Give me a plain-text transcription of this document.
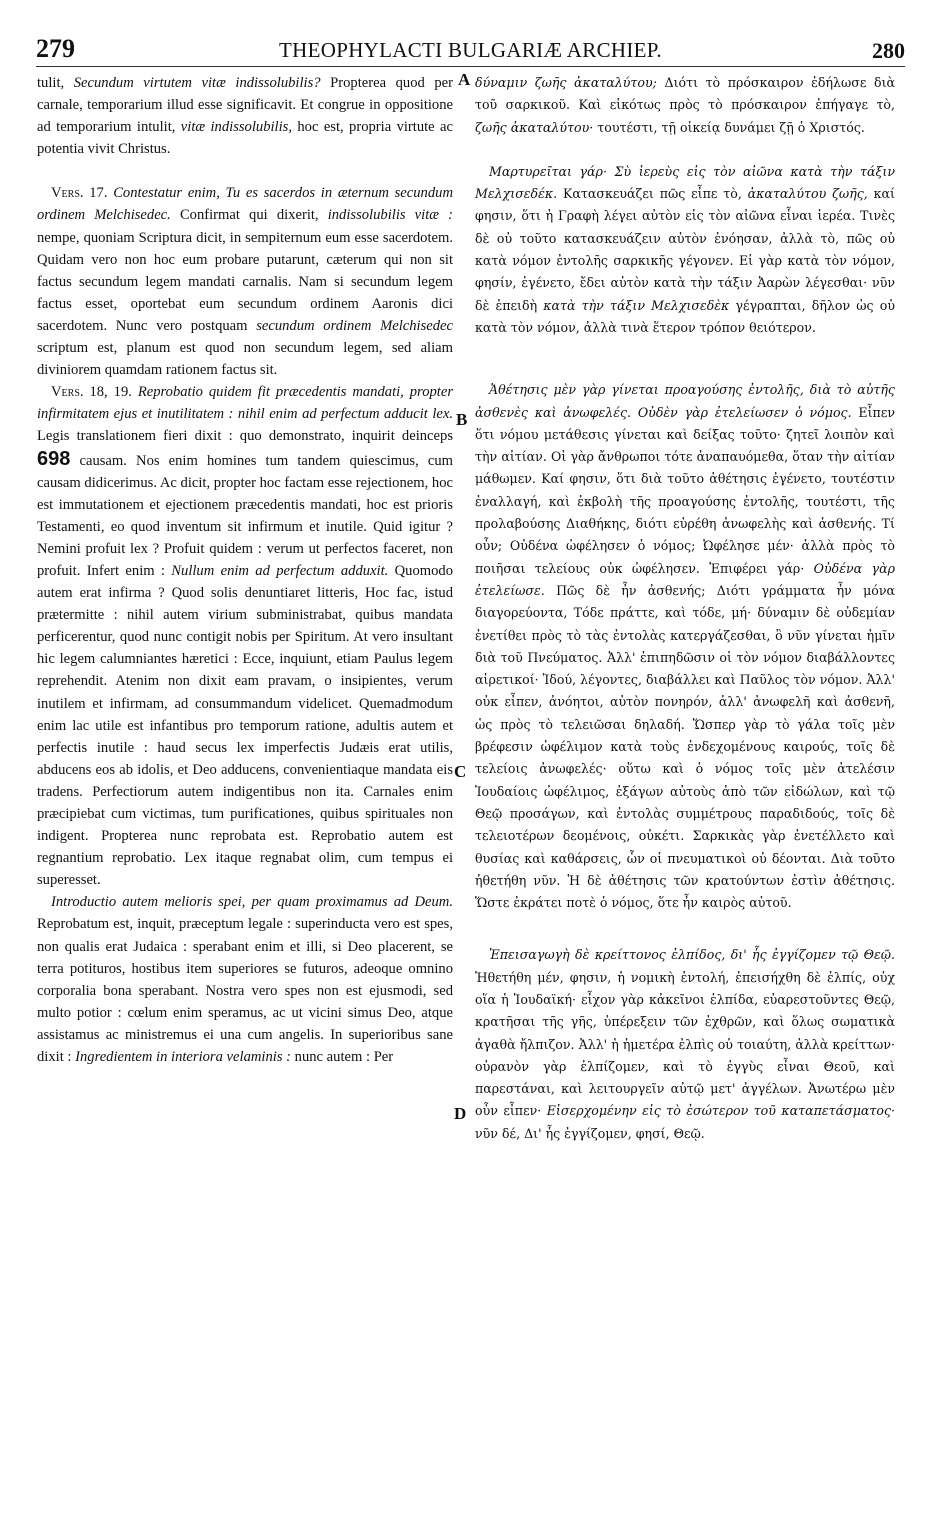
279	THEOPHYLACTI BULGARIÆ ARCHIEP.	280
A
B
C
D

tulit, Secundum virtutem vitæ indissolubilis? Propterea quod per carnale, temporarium illud esse significavit. Et congrue in oppositione ad temporarium intulit, vitæ indissolubilis, hoc est, propria virtute ac potentia vivit Christus.

Vers. 17. Contestatur enim, Tu es sacerdos in æternum secundum ordinem Melchisedec. Confirmat qui dixerit, indissolubilis vitæ : nempe, quoniam Scriptura dicit, in sempiternum eum esse sacerdotem. Quidam vero non hoc eum probare putarunt, cæterum qui non sit factus secundum legem mandati carnalis. Nam si secundum legem factus esset, oportebat eum secundum ordinem Aaronis dici sacerdotem. Nunc vero postquam secundum ordinem Melchisedec scriptum est, planum est quod non secundum legem, sed aliam diviniorem quamdam rationem factus sit.

Vers. 18, 19. Reprobatio quidem fit præcedentis mandati, propter infirmitatem ejus et inutilitatem : nihil enim ad perfectum adducit lex. Legis translationem fieri dixit : quo demonstrato, inquirit deinceps 698 causam. Nos enim homines tum tandem quiescimus, cum causam didicerimus. Ac dicit, propter hoc factam esse rejectionem, hoc est immutationem et ejectionem præcedentis mandati, hoc est prioris Testamenti, eo quod inventum sit infirmum et inutile. Quid igitur ? Nemini profuit lex ? Profuit quidem : verum ut perfectos faceret, non profuit. Infert enim : Nullum enim ad perfectum adduxit. Quomodo autem erat infirma ? Quod solis denuntiaret litteris, Hoc fac, istud prætermitte : nihil autem virium subministrabat, quibus mandata perficerentur, quod nunc contigit nobis per Spiritum. At vero insultant hic legem calumniantes hæretici : Ecce, inquiunt, etiam Paulus legem reprehendit. Atenim non dixit eam pravam, o insipientes, verum inutilem et infirmam, ad consummandum videlicet. Quemadmodum enim lac utile est infantibus pro temporum ratione, adultis autem et perfectis inutile : haud secus lex imperfectis Judæis erat utilis, abducens eos ab idolis, et Deo adducens, convenientiaque mandata eis tradens. Perfectiorum autem indigentibus non ita. Carnales enim præcipiebat cum victimas, tum purificationes, quibus spirituales non indigent. Propterea nunc reprobata est. Reprobatio autem est regnantium reprobatio. Lex itaque regnabat olim, cum tempus ei superesset.

Introductio autem melioris spei, per quam proximamus ad Deum. Reprobatum est, inquit, præceptum legale : superinducta vero est spes, non qualis erat Judaica : sperabant enim et illi, si Deo placerent, se terra potituros, hostibus item superiores se futuros, adeoque omnino corporalia bona sperabant. Nostra vero spes non est ejusmodi, sed multo potior : cœlum enim speramus, ac ut vicini simus Deo, atque assistamus ac ministremus ei una cum angelis. In superioribus sane dixit : Ingredientem in interiora velaminis : nunc autem : Per

δύναμιν ζωῆς ἀκαταλύτου; Διότι τὸ πρόσκαιρον ἐδήλωσε διὰ τοῦ σαρκικοῦ. Καὶ εἰκότως πρὸς τὸ πρόσκαιρον ἐπήγαγε τὸ, ζωῆς ἀκαταλύτου· τουτέστι, τῇ οἰκείᾳ δυνάμει ζῇ ὁ Χριστός.

Μαρτυρεῖται γάρ· Σὺ ἱερεὺς εἰς τὸν αἰῶνα κατὰ τὴν τάξιν Μελχισεδέκ. Κατασκευάζει πῶς εἶπε τὸ, ἀκαταλύτου ζωῆς, καί φησιν, ὅτι ἡ Γραφὴ λέγει αὐτὸν εἰς τὸν αἰῶνα εἶναι ἱερέα. Τινὲς δὲ οὐ τοῦτο κατασκευάζειν αὐτὸν ἐνόησαν, ἀλλὰ τὸ, πῶς οὐ κατὰ νόμον ἐντολῆς σαρκικῆς γέγονεν. Εἰ γὰρ κατὰ τὸν νόμον, φησίν, ἐγένετο, ἔδει αὐτὸν κατὰ τὴν τάξιν Ἀαρὼν λέγεσθαι· νῦν δὲ ἐπειδὴ κατὰ τὴν τάξιν Μελχισεδὲκ γέγραπται, δῆλον ὡς οὐ κατὰ τὸν νόμον, ἀλλὰ τινὰ ἕτερον τρόπον θειότερον.

Ἀθέτησις μὲν γὰρ γίνεται προαγούσης ἐντολῆς, διὰ τὸ αὐτῆς ἀσθενὲς καὶ ἀνωφελές. Οὐδὲν γὰρ ἐτελείωσεν ὁ νόμος. Εἶπεν ὅτι νόμου μετάθεσις γίνεται καὶ δείξας τοῦτο· ζητεῖ λοιπὸν καὶ τὴν αἰτίαν. Οἱ γὰρ ἄνθρωποι τότε ἀναπαυόμεθα, ὅταν τὴν αἰτίαν μάθωμεν. Καί φησιν, ὅτι διὰ τοῦτο ἀθέτησις ἐγένετο, τουτέστιν ἐναλλαγή, καὶ ἐκβολὴ τῆς προαγούσης ἐντολῆς, τουτέστι, τῆς προλαβούσης Διαθήκης, διότι εὑρέθη ἀνωφελὴς καὶ ἀσθενής. Τί οὖν; Οὐδένα ὠφέλησεν ὁ νόμος; Ὠφέλησε μέν· ἀλλὰ πρὸς τὸ ποιῆσαι τελείους οὐκ ὠφέλησεν. Ἐπιφέρει γάρ· Οὐδένα γὰρ ἐτελείωσε. Πῶς δὲ ἦν ἀσθενής; Διότι γράμματα ἦν μόνα διαγορεύοντα, Τόδε πράττε, καὶ τόδε, μή· δύναμιν δὲ οὐδεμίαν ἐνετίθει πρὸς τὸ τὰς ἐντολὰς κατεργάζεσθαι, ὃ νῦν γίνεται ἡμῖν διὰ τοῦ Πνεύματος. Ἀλλ' ἐπιπηδῶσιν οἱ τὸν νόμον διαβάλλοντες αἱρετικοί· Ἰδού, λέγοντες, διαβάλλει καὶ Παῦλος τὸν νόμον. Ἀλλ' οὐκ εἶπεν, ἀνόητοι, αὐτὸν πονηρόν, ἀλλ' ἀνωφελῆ καὶ ἀσθενῆ, ὡς πρὸς τὸ τελειῶσαι δηλαδή. Ὥσπερ γὰρ τὸ γάλα τοῖς μὲν βρέφεσιν ὠφέλιμον κατὰ τοὺς ἐνδεχομένους καιρούς, τοῖς δὲ τελείοις ἀνωφελές· οὕτω καὶ ὁ νόμος τοῖς μὲν ἀτελέσιν Ἰουδαίοις ὠφέλιμος, ἐξάγων αὐτοὺς ἀπὸ τῶν εἰδώλων, καὶ τῷ Θεῷ προσάγων, καὶ ἐντολὰς συμμέτρους παραδιδούς, τοῖς δὲ τελειοτέρων δεομένοις, οὐκέτι. Σαρκικὰς γὰρ ἐνετέλλετο καὶ θυσίας καὶ καθάρσεις, ὧν οἱ πνευματικοὶ οὐ δέονται. Διὰ τοῦτο ἠθετήθη νῦν. Ἡ δὲ ἀθέτησις τῶν κρατούντων ἐστὶν ἀθέτησις. Ὥστε ἐκράτει ποτὲ ὁ νόμος, ὅτε ἦν καιρὸς αὐτοῦ.

Ἐπεισαγωγὴ δὲ κρείττονος ἐλπίδος, δι' ἧς ἐγγίζομεν τῷ Θεῷ. Ἠθετήθη μέν, φησιν, ἡ νομικὴ ἐντολή, ἐπεισήχθη δὲ ἐλπίς, οὐχ οἵα ἡ Ἰουδαϊκή· εἶχον γὰρ κἀκεῖνοι ἐλπίδα, εὐαρεστοῦντες Θεῷ, κρατῆσαι τῆς γῆς, ὑπέρεξειν τῶν ἐχθρῶν, καὶ ὅλως σωματικὰ ἀγαθὰ ἤλπιζον. Ἀλλ' ἡ ἡμετέρα ἐλπὶς οὐ τοιαύτη, ἀλλὰ κρείττων· οὐρανὸν γὰρ ἐλπίζομεν, καὶ τὸ ἐγγὺς εἶναι Θεοῦ, καὶ παρεστάναι, καὶ λειτουργεῖν αὐτῷ μετ' ἀγγέλων. Ἀνωτέρω μὲν οὖν εἶπεν· Εἰσερχομένην εἰς τὸ ἐσώτερον τοῦ καταπετάσματος· νῦν δέ, Δι' ἧς ἐγγίζομεν, φησί, Θεῷ.
